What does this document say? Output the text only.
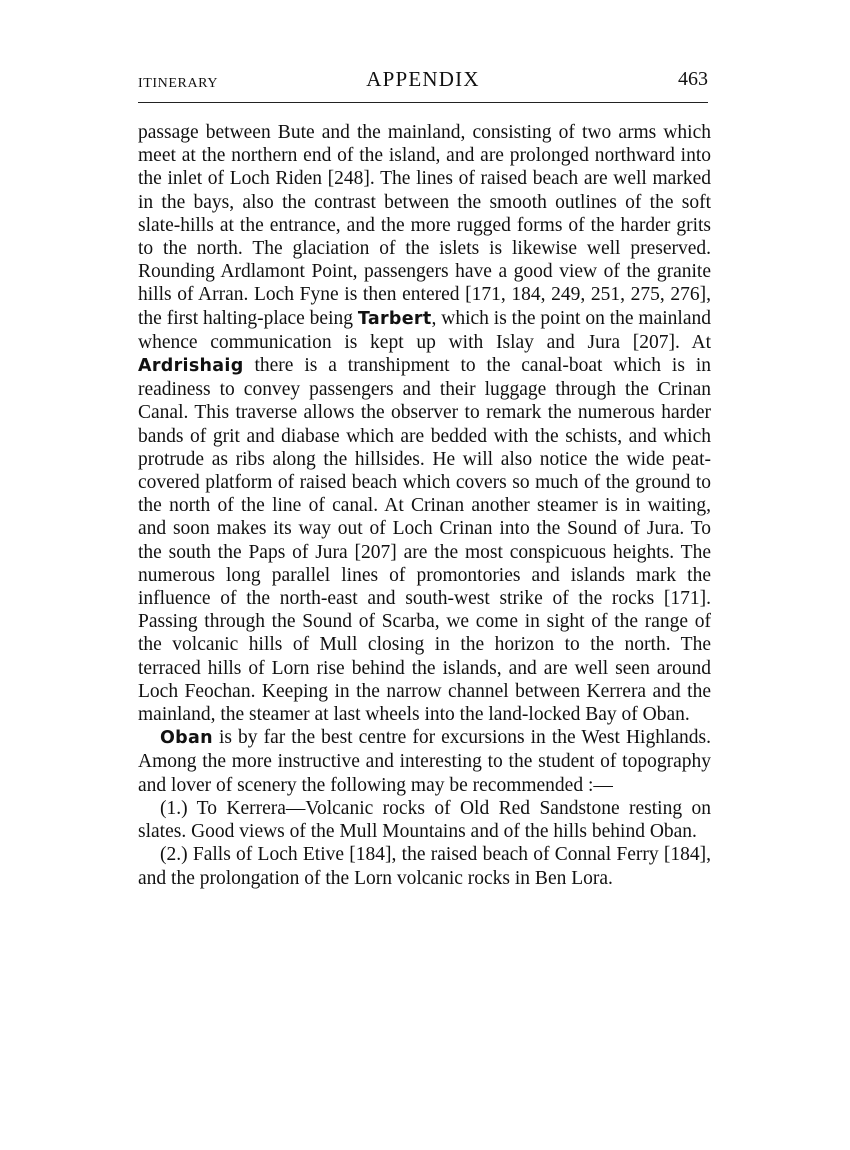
ITINERARY	APPENDIX	463

passage between Bute and the mainland, consisting of two arms which meet at the northern end of the island, and are prolonged northward into the inlet of Loch Riden [248]. The lines of raised beach are well marked in the bays, also the contrast between the smooth outlines of the soft slate-hills at the entrance, and the more rugged forms of the harder grits to the north. The glaciation of the islets is likewise well preserved. Rounding Ardlamont Point, passengers have a good view of the granite hills of Arran. Loch Fyne is then entered [171, 184, 249, 251, 275, 276], the first halting-place being Tarbert, which is the point on the mainland whence communication is kept up with Islay and Jura [207]. At Ardrishaig there is a transhipment to the canal-boat which is in readiness to convey passengers and their luggage through the Crinan Canal. This traverse allows the observer to remark the numerous harder bands of grit and diabase which are bedded with the schists, and which protrude as ribs along the hillsides. He will also notice the wide peat-covered platform of raised beach which covers so much of the ground to the north of the line of canal. At Crinan another steamer is in waiting, and soon makes its way out of Loch Crinan into the Sound of Jura. To the south the Paps of Jura [207] are the most conspicuous heights. The numerous long parallel lines of promontories and islands mark the influence of the north-east and south-west strike of the rocks [171]. Passing through the Sound of Scarba, we come in sight of the range of the volcanic hills of Mull closing in the horizon to the north. The terraced hills of Lorn rise behind the islands, and are well seen around Loch Feochan. Keeping in the narrow channel between Kerrera and the mainland, the steamer at last wheels into the land-locked Bay of Oban.

Oban is by far the best centre for excursions in the West Highlands. Among the more instructive and interesting to the student of topography and lover of scenery the following may be recommended :—

(1.) To Kerrera—Volcanic rocks of Old Red Sandstone resting on slates. Good views of the Mull Mountains and of the hills behind Oban.

(2.) Falls of Loch Etive [184], the raised beach of Connal Ferry [184], and the prolongation of the Lorn volcanic rocks in Ben Lora.
